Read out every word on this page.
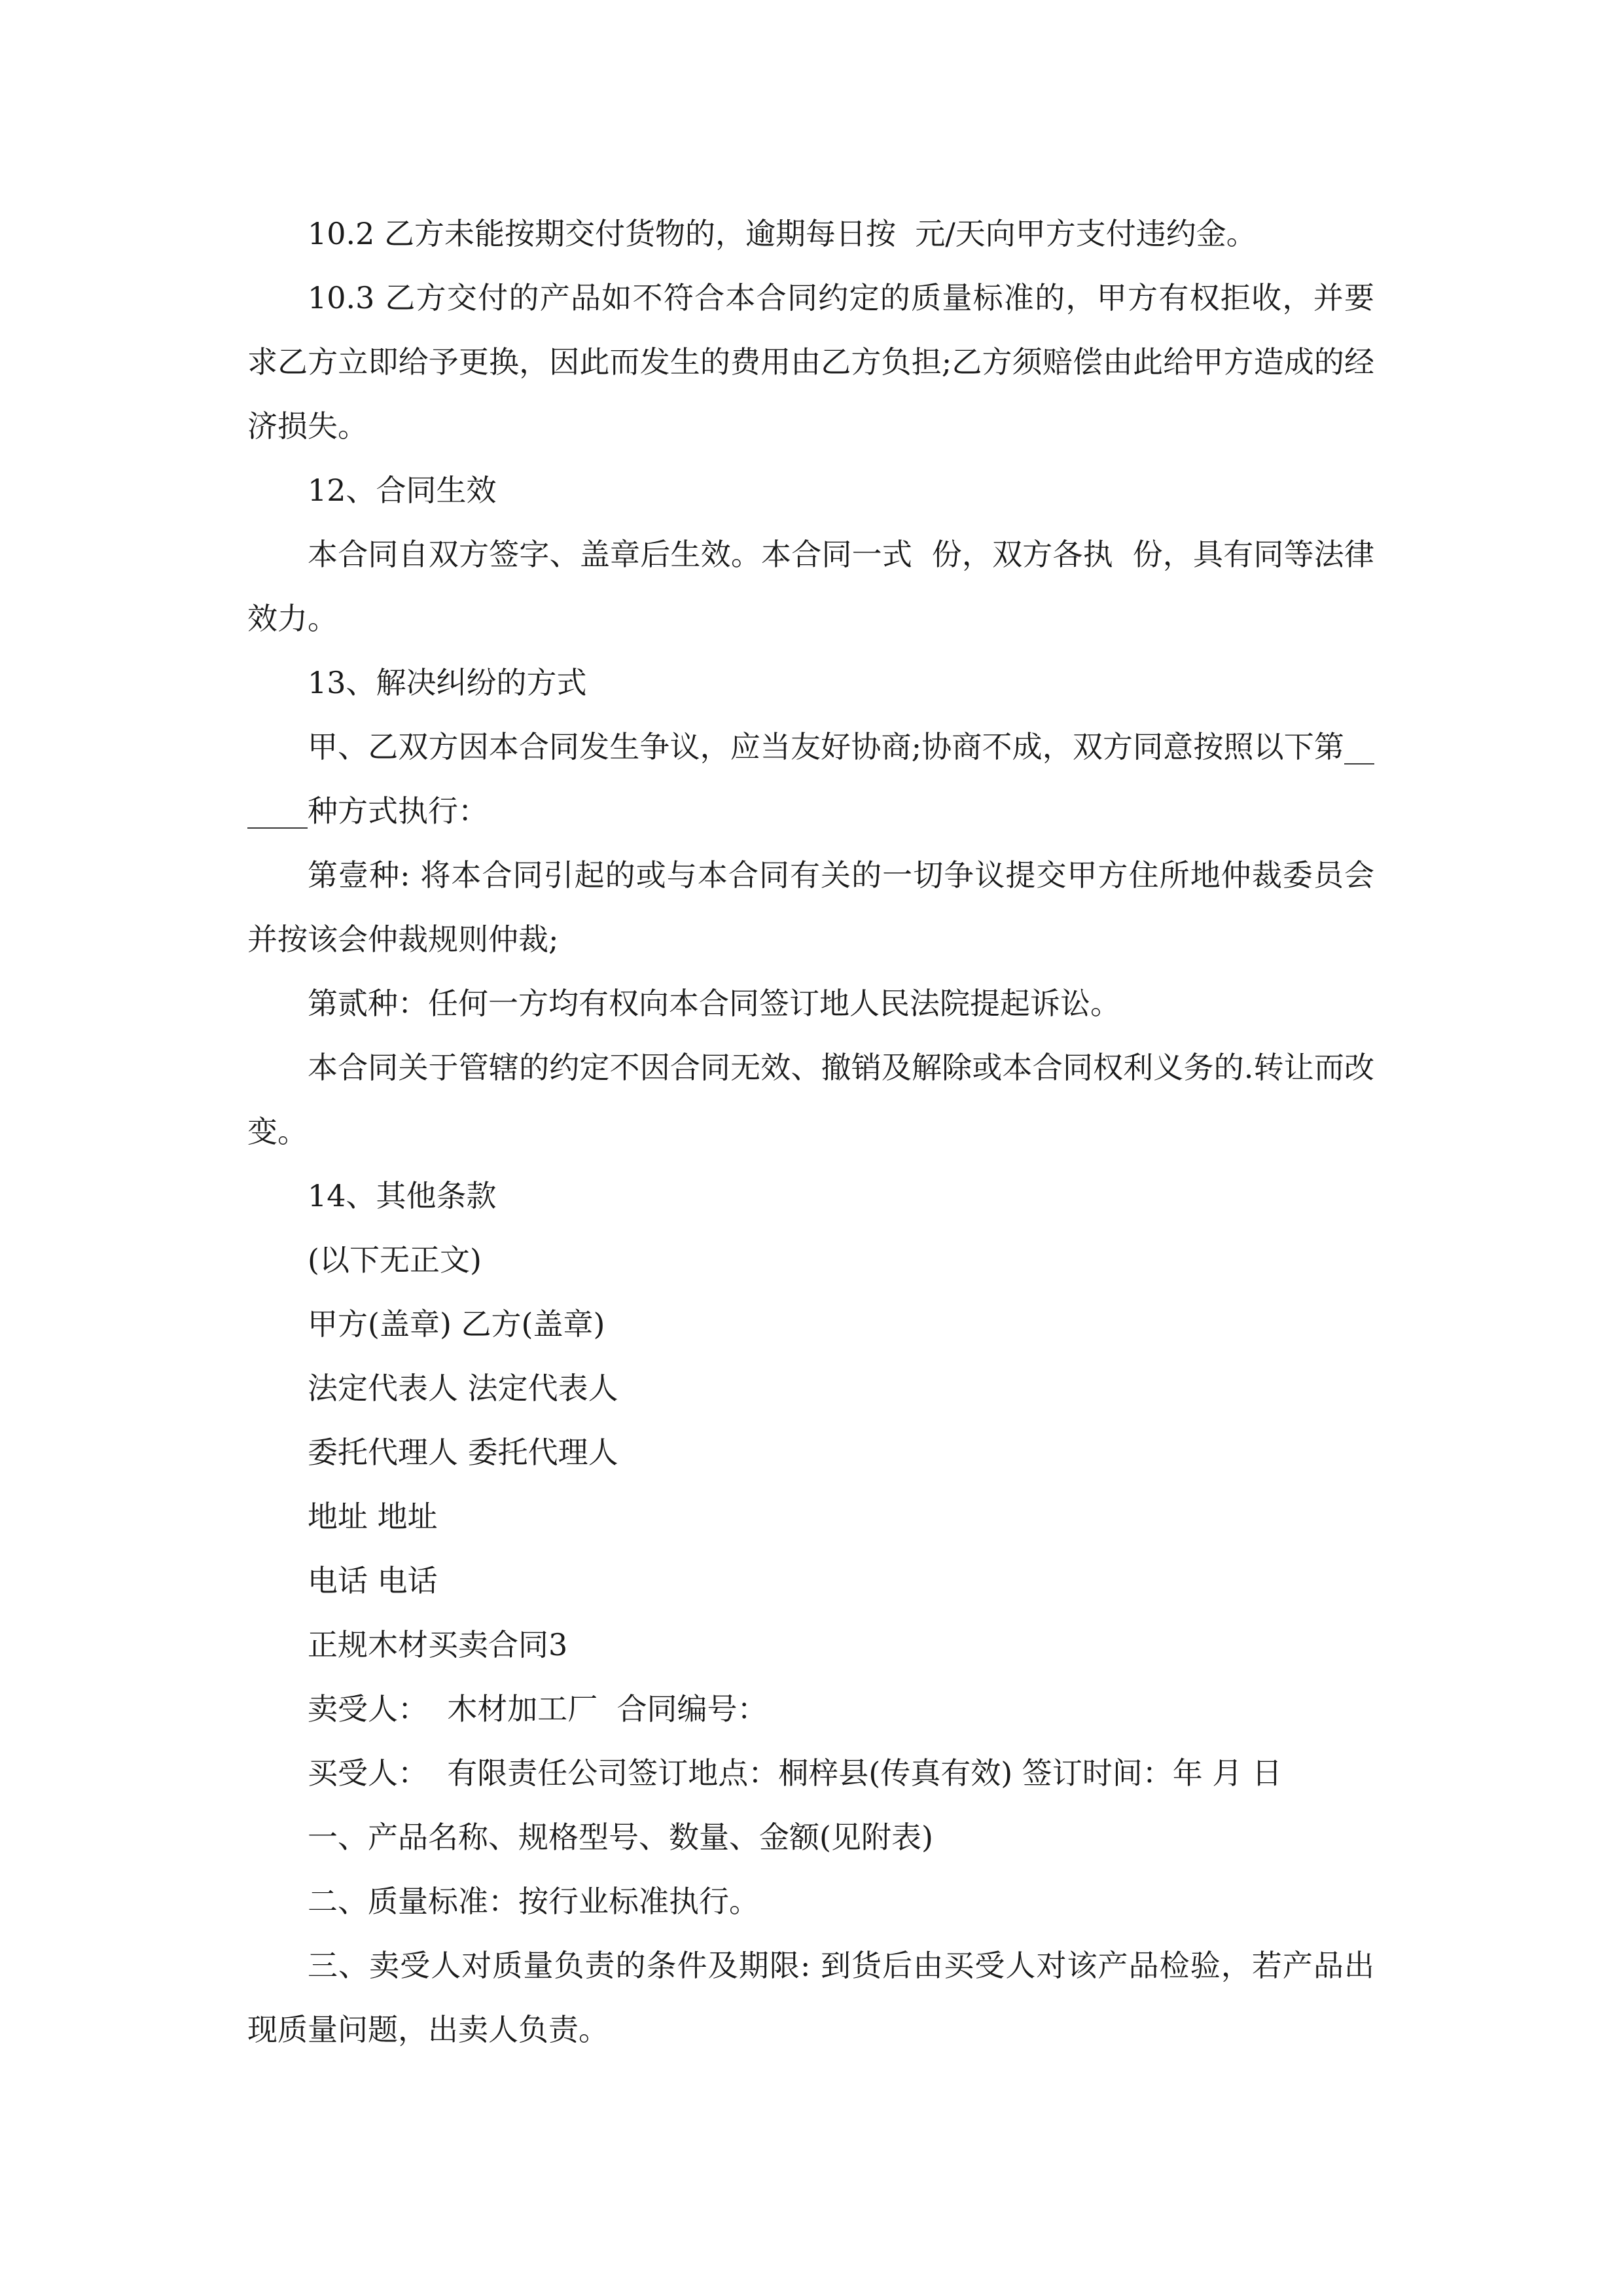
10.2 乙方未能按期交付货物的，逾期每日按  元/天向甲方支付违约金。

10.3 乙方交付的产品如不符合本合同约定的质量标准的，甲方有权拒收，并要求乙方立即给予更换，因此而发生的费用由乙方负担;乙方须赔偿由此给甲方造成的经济损失。

12、合同生效

本合同自双方签字、盖章后生效。本合同一式  份，双方各执  份，具有同等法律效力。

13、解决纠纷的方式

甲、乙双方因本合同发生争议，应当友好协商;协商不成，双方同意按照以下第______种方式执行：

第壹种: 将本合同引起的或与本合同有关的一切争议提交甲方住所地仲裁委员会并按该会仲裁规则仲裁;

第贰种：任何一方均有权向本合同签订地人民法院提起诉讼。

本合同关于管辖的约定不因合同无效、撤销及解除或本合同权利义务的.转让而改变。

14、其他条款

(以下无正文)

甲方(盖章) 乙方(盖章)

法定代表人 法定代表人

委托代理人 委托代理人

地址 地址

电话 电话

正规木材买卖合同3

卖受人：  木材加工厂  合同编号：

买受人：  有限责任公司签订地点：桐梓县(传真有效) 签订时间：年 月 日

一、产品名称、规格型号、数量、金额(见附表)

二、质量标准：按行业标准执行。

三、卖受人对质量负责的条件及期限: 到货后由买受人对该产品检验，若产品出现质量问题，出卖人负责。
